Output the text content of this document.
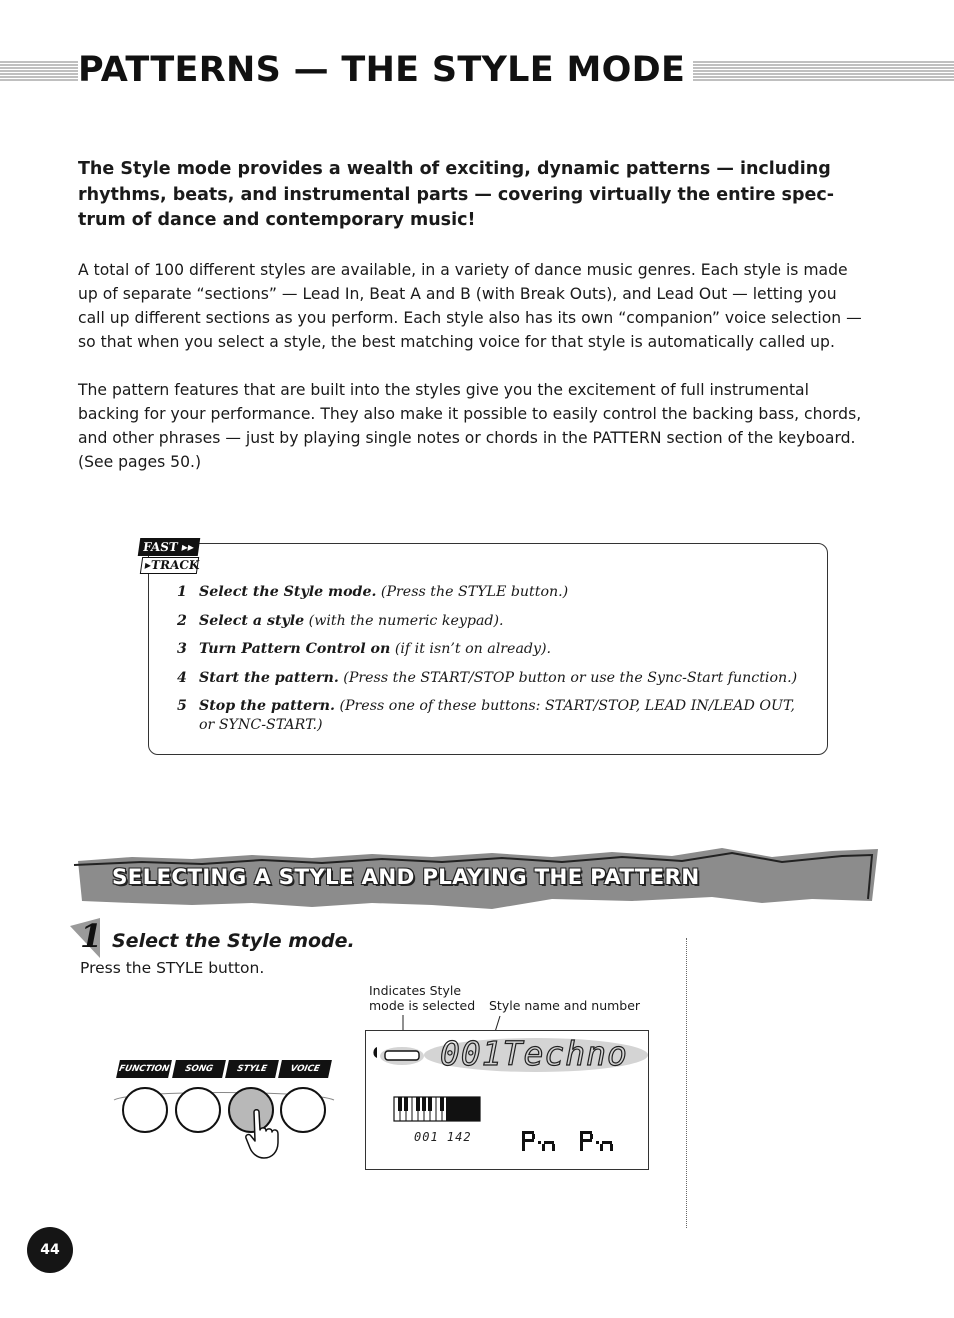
PATTERNS — THE STYLE MODE

The Style mode provides a wealth of exciting, dynamic patterns — including rhythms, beats, and instrumental parts — covering virtually the entire spec-trum of dance and contemporary music!

A total of 100 different styles are available, in a variety of dance music genres. Each style is made up of separate “sections” — Lead In, Beat A and B (with Break Outs), and Lead Out — letting you call up different sections as you perform. Each style also has its own “companion” voice selection — so that when you select a style, the best matching voice for that style is automatically called up.

The pattern features that are built into the styles give you the excitement of full instrumental backing for your performance. They also make it possible to easily control the backing bass, chords, and other phrases — just by playing single notes or chords in the PATTERN section of the keyboard. (See pages 50.)

FAST ▸▸
▸TRACK
1 Select the Style mode. (Press the STYLE button.)
2 Select a style (with the numeric keypad).
3 Turn Pattern Control on (if it isn’t on already).
4 Start the pattern. (Press the START/STOP button or use the Sync-Start function.)
5 Stop the pattern. (Press one of these buttons: START/STOP, LEAD IN/LEAD OUT, or SYNC-START.)
SELECTING A STYLE AND PLAYING THE PATTERN
1 Select the Style mode.
Press the STYLE button.
FUNCTION	SONG	STYLE	VOICE
Indicates Style mode is selected	Style name and number
001Techno
001 142
44
